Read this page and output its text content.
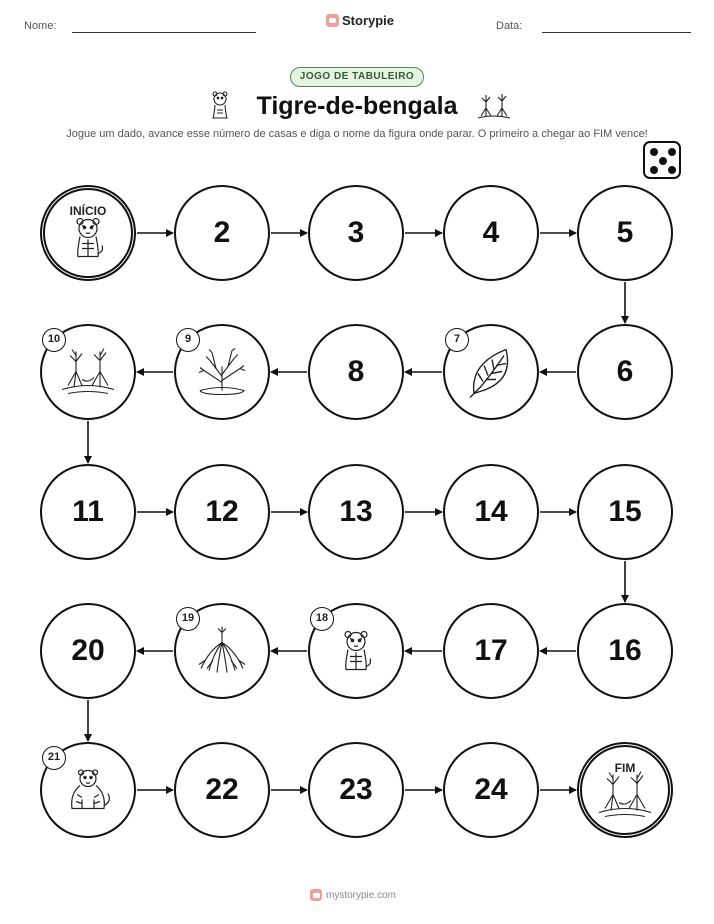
Nome:	Storypie	Data:
JOGO DE TABULEIRO
Tigre-de-bengala
Jogue um dado, avance esse número de casas e diga o nome da figura onde parar. O primeiro a chegar ao FIM vence!
INÍCIO
2	3	4	5
6
7
8
9
10
11	12	13	14	15
16
17
18
19
20
21
22	23	24
FIM
mystorypie.com
